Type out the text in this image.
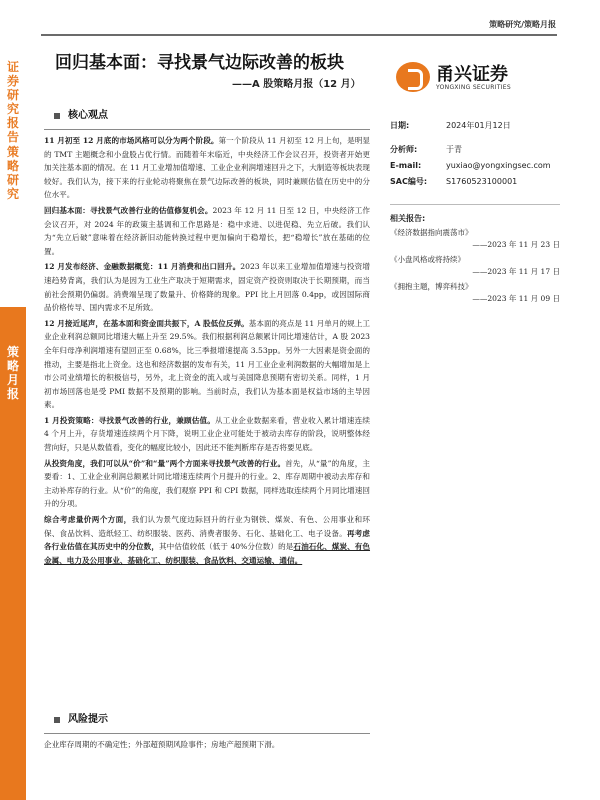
策略研究/策略月报
证券研究报告
策略研究
策略月报
回归基本面：寻找景气边际改善的板块
——A 股策略月报（12 月）	甬兴证券
YONGXING SECURITIES
核心观点

11 月初至 12 月底的市场风格可以分为两个阶段。第一个阶段从 11 月初至 12 月上旬，是明显的 TMT 主题概念和小盘股占优行情。而随着年末临近，中央经济工作会议召开，投资者开始更加关注基本面的情况。在 11 月工业增加值增速、工业企业利润增速回升之下，大制造等板块表现较好。我们认为，接下来的行业轮动将聚焦在景气边际改善的板块，同时兼顾估值在历史中的分位水平。

回归基本面：寻找景气改善行业的估值修复机会。2023 年 12 月 11 日至 12 日，中央经济工作会议召开，对 2024 年的政策主基调和工作思路是：稳中求进、以进促稳、先立后破。我们认为“先立后破”意味着在经济新旧动能转换过程中更加偏向于稳增长，把“稳增长”放在基础的位置。

12 月发布经济、金融数据概览：11 月消费和出口回升。2023 年以来工业增加值增速与投资增速趋势背离，我们认为是因为工业生产取决于短期需求，固定资产投资则取决于长期预期，而当前社会预期仍偏弱。消费端呈现了数量升、价格降的现象。PPI 比上月回落 0.4pp，或因国际商品价格传导、国内需求不足所致。

12 月接近尾声，在基本面和资金面共振下，A 股低位反弹。基本面的亮点是 11 月单月的规上工业企业利润总额同比增速大幅上升至 29.5%。我们根据利润总额累计同比增速估计，A 股 2023 全年归母净利润增速有望回正至 0.68%，比三季报增速提高 3.53pp。另外一大因素是资金面的推动，主要是指北上资金。这也和经济数据的发布有关，11 月工业企业利润数据的大幅增加是上市公司业绩增长的积极信号，另外，北上资金的流入或与美国降息预期有密切关系。同样，1 月初市场回落也是受 PMI 数据不及预期的影响。当前时点，我们认为基本面是权益市场的主导因素。

1 月投资策略：寻找景气改善的行业，兼顾估值。从工业企业数据来看，营业收入累计增速连续 4 个月上升，存货增速连续两个月下降，说明工业企业可能处于被动去库存的阶段，说明整体经营向好，只是从数值看，变化的幅度比较小，因此还不能判断库存是否将要见底。

从投资角度，我们可以从“价”和“量”两个方面来寻找景气改善的行业。首先，从“量”的角度，主要看：1、工业企业利润总额累计同比增速连续两个月提升的行业。2、库存周期中被动去库存和主动补库存的行业。从“价”的角度，我们观察 PPI 和 CPI 数据，同样选取连续两个月同比增速回升的分项。

综合考虑量价两个方面，我们认为景气度边际回升的行业为钢铁、煤炭、有色、公用事业和环保、食品饮料、造纸轻工、纺织服装、医药、消费者服务、石化、基础化工、电子设备。再考虑各行业估值在其历史中的分位数，其中估值较低（低于 40%分位数）的是石油石化、煤炭、有色金属、电力及公用事业、基础化工、纺织服装、食品饮料、交通运输、通信。

风险提示

企业库存周期的不确定性；外部超预期风险事件；房地产超预期下滑。

日期:	2024年01月12日
分析师:	于青
E-mail:	yuxiao@yongxingsec.com
SAC编号: S1760523100001
相关报告:
《经济数据指向震荡市》
——2023 年 11 月 23 日
《小盘风格或将持续》
——2023 年 11 月 17 日
《拥抱主题，博弈科技》
——2023 年 11 月 09 日
